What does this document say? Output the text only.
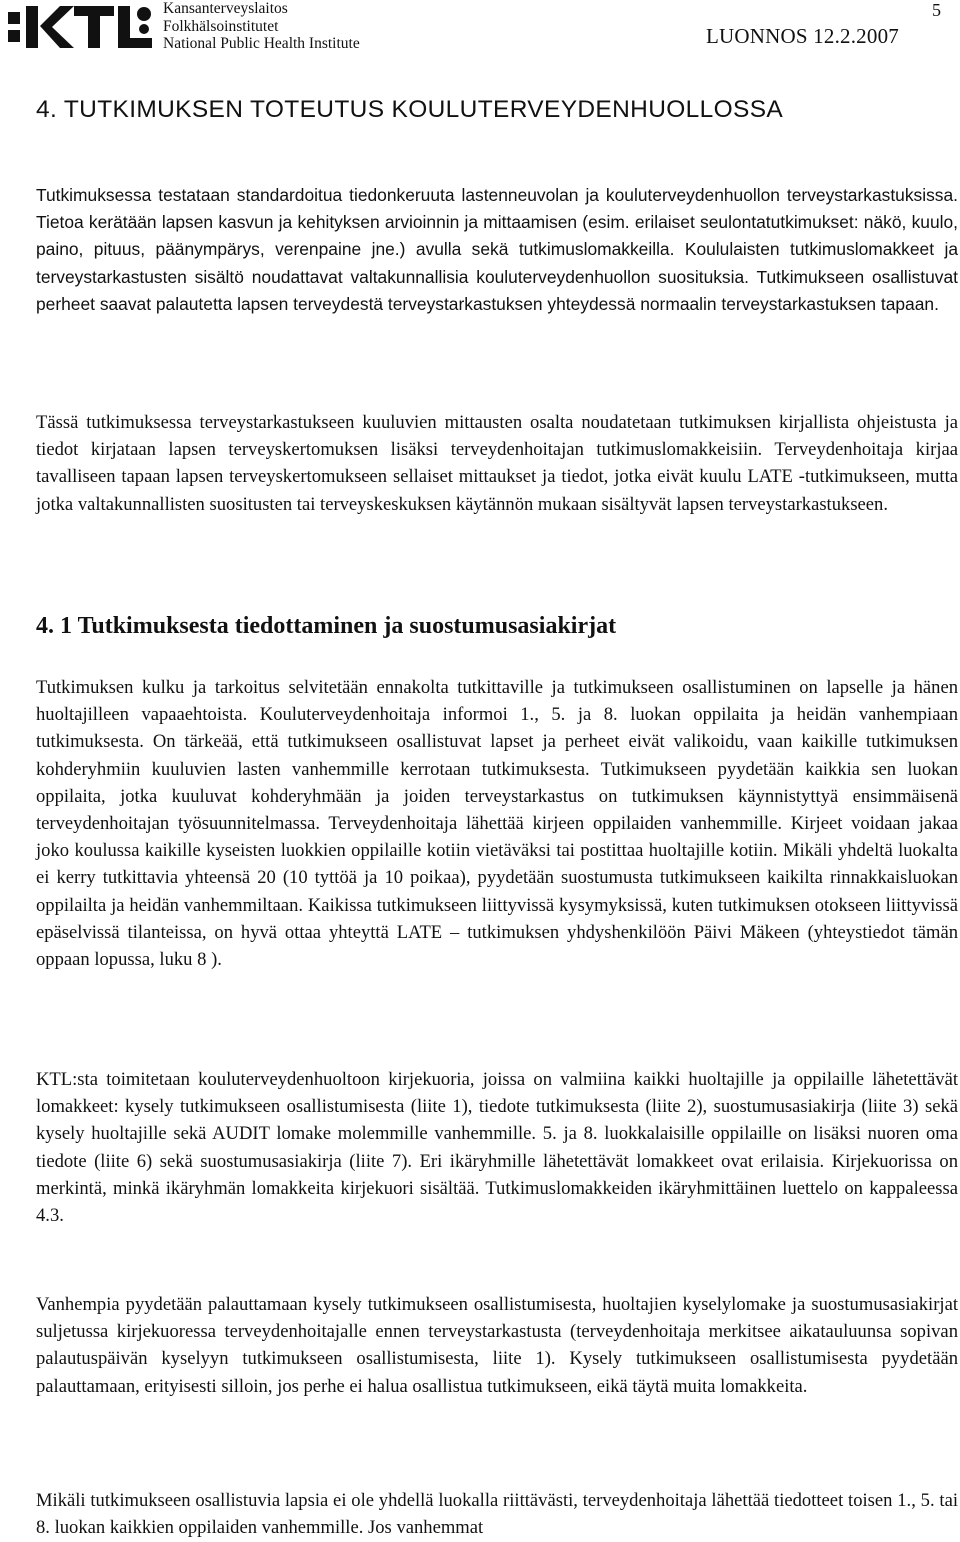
Kansanterveyslaitos
Folkhälsoinstitutet
National Public Health Institute	LUONNOS 12.2.2007
5
4. TUTKIMUKSEN TOTEUTUS KOULUTERVEYDENHUOLLOSSA

Tutkimuksessa testataan standardoitua tiedonkeruuta lastenneuvolan ja kouluterveydenhuollon terveystarkastuksissa. Tietoa kerätään lapsen kasvun ja kehityksen arvioinnin ja mittaamisen (esim. erilaiset seulontatutkimukset: näkö, kuulo, paino, pituus, päänympärys, verenpaine jne.) avulla sekä tutkimuslomakkeilla. Koululaisten tutkimuslomakkeet ja terveystarkastusten sisältö noudattavat valtakunnallisia kouluterveydenhuollon suosituksia. Tutkimukseen osallistuvat perheet saavat palautetta lapsen terveydestä terveystarkastuksen yhteydessä normaalin terveystarkastuksen tapaan.

Tässä tutkimuksessa terveystarkastukseen kuuluvien mittausten osalta noudatetaan tutkimuksen kirjallista ohjeistusta ja tiedot kirjataan lapsen terveyskertomuksen lisäksi terveydenhoitajan tutkimuslomakkeisiin. Terveydenhoitaja kirjaa tavalliseen tapaan lapsen terveyskertomukseen sellaiset mittaukset ja tiedot, jotka eivät kuulu LATE -tutkimukseen, mutta jotka valtakunnallisten suositusten tai terveyskeskuksen käytännön mukaan sisältyvät lapsen terveystarkastukseen.

4. 1 Tutkimuksesta tiedottaminen ja suostumusasiakirjat

Tutkimuksen kulku ja tarkoitus selvitetään ennakolta tutkittaville ja tutkimukseen osallistuminen on lapselle ja hänen huoltajilleen vapaaehtoista. Kouluterveydenhoitaja informoi 1., 5. ja 8. luokan oppilaita ja heidän vanhempiaan tutkimuksesta. On tärkeää, että tutkimukseen osallistuvat lapset ja perheet eivät valikoidu, vaan kaikille tutkimuksen kohderyhmiin kuuluvien lasten vanhemmille kerrotaan tutkimuksesta. Tutkimukseen pyydetään kaikkia sen luokan oppilaita, jotka kuuluvat kohderyhmään ja joiden terveystarkastus on tutkimuksen käynnistyttyä ensimmäisenä terveydenhoitajan työsuunnitelmassa. Terveydenhoitaja lähettää kirjeen oppilaiden vanhemmille. Kirjeet voidaan jakaa joko koulussa kaikille kyseisten luokkien oppilaille kotiin vietäväksi tai postittaa huoltajille kotiin. Mikäli yhdeltä luokalta ei kerry tutkittavia yhteensä 20 (10 tyttöä ja 10 poikaa), pyydetään suostumusta tutkimukseen kaikilta rinnakkaisluokan oppilailta ja heidän vanhemmiltaan. Kaikissa tutkimukseen liittyvissä kysymyksissä, kuten tutkimuksen otokseen liittyvissä epäselvissä tilanteissa, on hyvä ottaa yhteyttä LATE – tutkimuksen yhdyshenkilöön Päivi Mäkeen (yhteystiedot tämän oppaan lopussa, luku 8 ).

KTL:sta toimitetaan kouluterveydenhuoltoon kirjekuoria, joissa on valmiina kaikki huoltajille ja oppilaille lähetettävät lomakkeet: kysely tutkimukseen osallistumisesta (liite 1), tiedote tutkimuksesta (liite 2), suostumusasiakirja (liite 3) sekä kysely huoltajille sekä AUDIT lomake molemmille vanhemmille. 5. ja 8. luokkalaisille oppilaille on lisäksi nuoren oma tiedote (liite 6) sekä suostumusasiakirja (liite 7). Eri ikäryhmille lähetettävät lomakkeet ovat erilaisia. Kirjekuorissa on merkintä, minkä ikäryhmän lomakkeita kirjekuori sisältää. Tutkimuslomakkeiden ikäryhmittäinen luettelo on kappaleessa 4.3.

Vanhempia pyydetään palauttamaan kysely tutkimukseen osallistumisesta, huoltajien kyselylomake ja suostumusasiakirjat suljetussa kirjekuoressa terveydenhoitajalle ennen terveystarkastusta (terveydenhoitaja merkitsee aikatauluunsa sopivan palautuspäivän kyselyyn tutkimukseen osallistumisesta, liite 1). Kysely tutkimukseen osallistumisesta pyydetään palauttamaan, erityisesti silloin, jos perhe ei halua osallistua tutkimukseen, eikä täytä muita lomakkeita.

Mikäli tutkimukseen osallistuvia lapsia ei ole yhdellä luokalla riittävästi, terveydenhoitaja lähettää tiedotteet toisen 1., 5. tai 8. luokan kaikkien oppilaiden vanhemmille. Jos vanhemmat
